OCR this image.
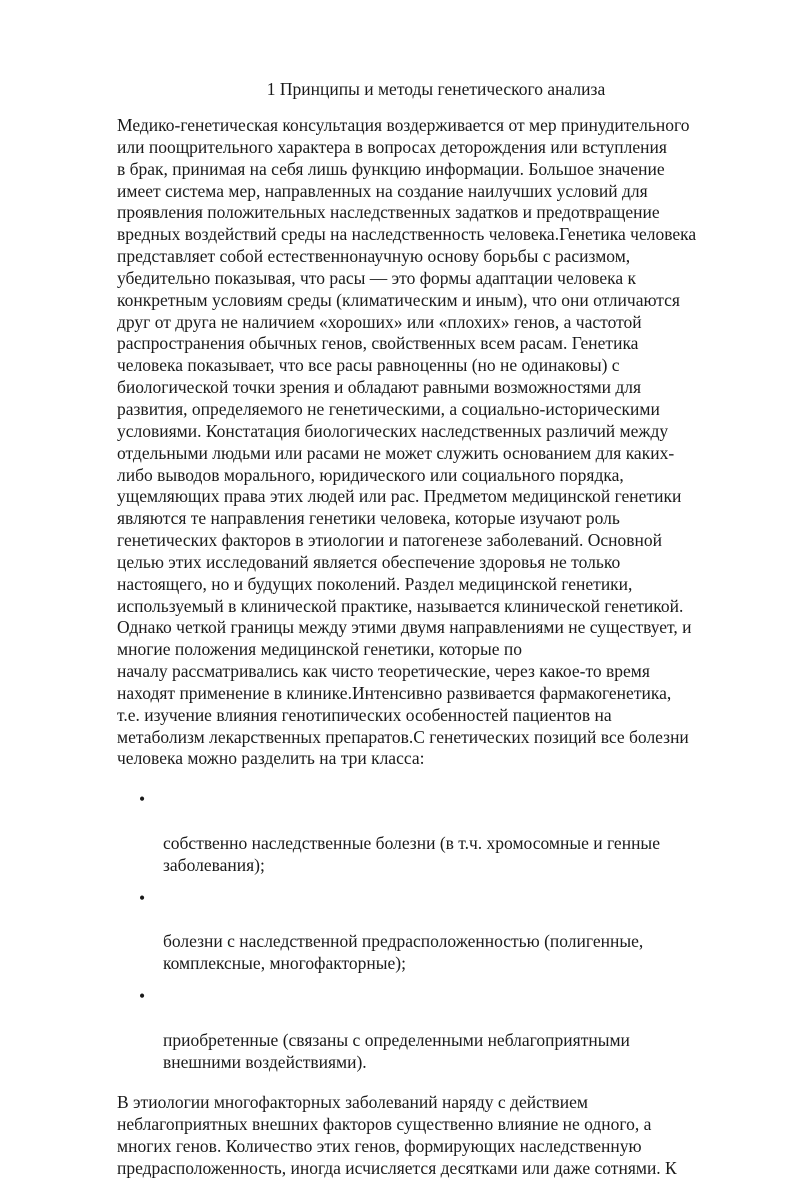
1 Принципы и методы генетического анализа

Медико-генетическая консультация воздерживается от мер принудительного
или поощрительного характера в вопросах деторождения или вступления
в брак, принимая на себя лишь функцию информации. Большое значение
имеет система мер, направленных на создание наилучших условий для
проявления положительных наследственных задатков и предотвращение
вредных воздействий среды на наследственность человека.Генетика человека
представляет собой естественнонаучную основу борьбы с расизмом,
убедительно показывая, что расы — это формы адаптации человека к
конкретным условиям среды (климатическим и иным), что они отличаются
друг от друга не наличием «хороших» или «плохих» генов, а частотой
распространения обычных генов, свойственных всем расам. Генетика
человека показывает, что все расы равноценны (но не одинаковы) с
биологической точки зрения и обладают равными возможностями для
развития, определяемого не генетическими, а социально-историческими
условиями. Констатация биологических наследственных различий между
отдельными людьми или расами не может служить основанием для каких-
либо выводов морального, юридического или социального порядка,
ущемляющих права этих людей или рас. Предметом медицинской генетики
являются те направления генетики человека, которые изучают роль
генетических факторов в этиологии и патогенезе заболеваний. Основной
целью этих исследований является обеспечение здоровья не только
настоящего, но и будущих поколений. Раздел медицинской генетики,
используемый в клинической практике, называется клинической генетикой.
Однако четкой границы между этими двумя направлениями не существует, и
многие положения медицинской генетики, которые по
началу рассматривались как чисто теоретические, через какое-то время
находят применение в клинике.Интенсивно развивается фармакогенетика,
т.е. изучение влияния генотипических особенностей пациентов на
метаболизм лекарственных препаратов.С генетических позиций все болезни
человека можно разделить на три класса:

•

собственно наследственные болезни (в т.ч. хромосомные и генные
заболевания);

•

болезни с наследственной предрасположенностью (полигенные,
комплексные, многофакторные);

•

приобретенные (связаны с определенными неблагоприятными
внешними воздействиями).

В этиологии многофакторных заболеваний наряду с действием
неблагоприятных внешних факторов существенно влияние не одного, а
многих генов. Количество этих генов, формирующих наследственную
предрасположенность, иногда исчисляется десятками или даже сотнями. К
